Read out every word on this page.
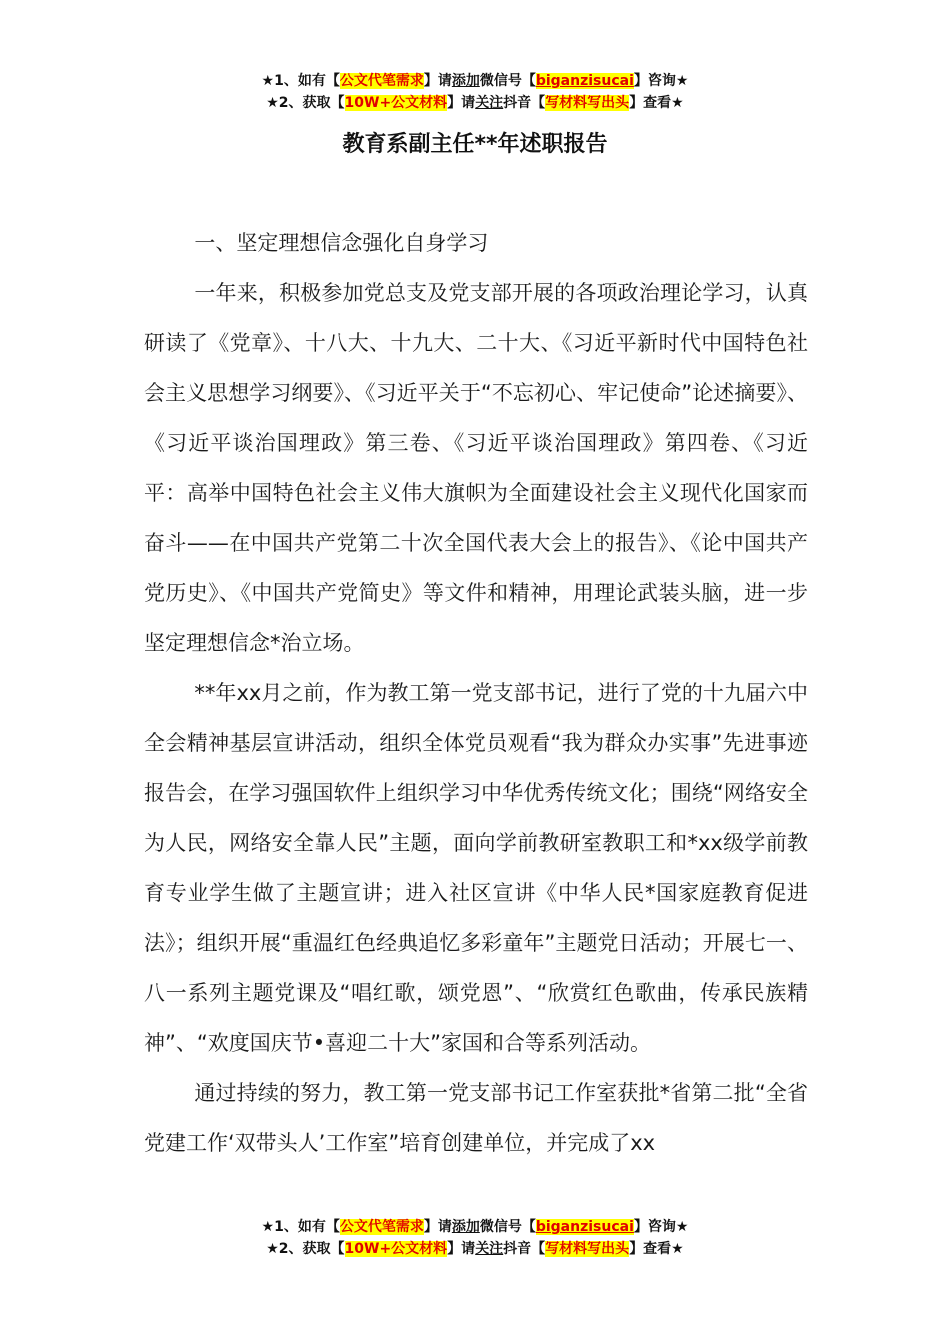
★1、如有【公文代笔需求】请添加微信号【biganzisucai】咨询★
★2、获取【10W+公文材料】请关注抖音【写材料写出头】查看★
教育系副主任**年述职报告

一、坚定理想信念强化自身学习

一年来，积极参加党总支及党支部开展的各项政治理论学习，认真研读了《党章》、十八大、十九大、二十大、《习近平新时代中国特色社会主义思想学习纲要》、《习近平关于“不忘初心、牢记使命”论述摘要》、《习近平谈治国理政》第三卷、《习近平谈治国理政》第四卷、《习近平：高举中国特色社会主义伟大旗帜为全面建设社会主义现代化国家而奋斗——在中国共产党第二十次全国代表大会上的报告》、《论中国共产党历史》、《中国共产党简史》等文件和精神，用理论武装头脑，进一步坚定理想信念*治立场。

**年xx月之前，作为教工第一党支部书记，进行了党的十九届六中全会精神基层宣讲活动，组织全体党员观看“我为群众办实事”先进事迹报告会，在学习强国软件上组织学习中华优秀传统文化；围绕“网络安全为人民，网络安全靠人民”主题，面向学前教研室教职工和*xx级学前教育专业学生做了主题宣讲；进入社区宣讲《中华人民*国家庭教育促进法》；组织开展“重温红色经典追忆多彩童年”主题党日活动；开展七一、八一系列主题党课及“唱红歌，颂党恩”、“欣赏红色歌曲，传承民族精神”、“欢度国庆节•喜迎二十大”家国和合等系列活动。

通过持续的努力，教工第一党支部书记工作室获批*省第二批“全省党建工作‘双带头人’工作室”培育创建单位，并完成了xx

★1、如有【公文代笔需求】请添加微信号【biganzisucai】咨询★
★2、获取【10W+公文材料】请关注抖音【写材料写出头】查看★
